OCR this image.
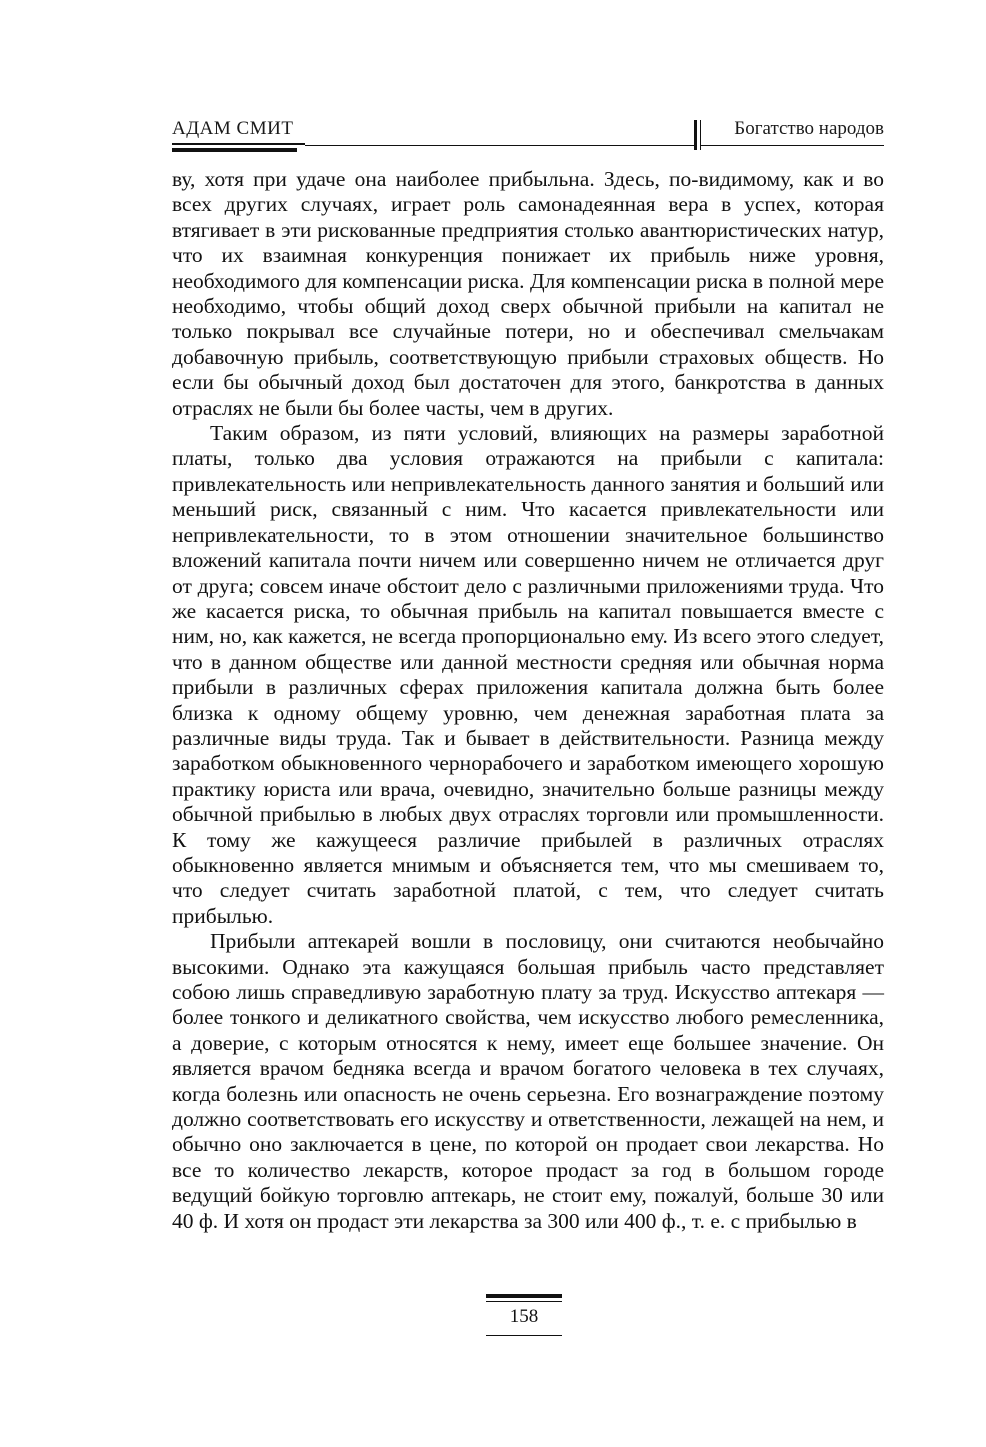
АДАМ СМИТ	Богатство народов

ву, хотя при удаче она наиболее прибыльна. Здесь, по-видимому, как и во всех других случаях, играет роль самонадеянная вера в успех, которая втягивает в эти рискованные предприятия столько авантюристических натур, что их взаимная конкуренция понижает их прибыль ниже уровня, необходимого для компенсации риска. Для компенсации риска в полной мере необходимо, чтобы общий доход сверх обычной прибыли на капитал не только покрывал все случайные потери, но и обеспечивал смельчакам добавочную прибыль, соответствующую прибыли страховых обществ. Но если бы обычный доход был достаточен для этого, банкротства в данных отраслях не были бы более часты, чем в других.

Таким образом, из пяти условий, влияющих на размеры заработной платы, только два условия отражаются на прибыли с капитала: привлекательность или непривлекательность данного занятия и больший или меньший риск, связанный с ним. Что касается привлекательности или непривлекательности, то в этом отношении значительное большинство вложений капитала почти ничем или совершенно ничем не отличается друг от друга; совсем иначе обстоит дело с различными приложениями труда. Что же касается риска, то обычная прибыль на капитал повышается вместе с ним, но, как кажется, не всегда пропорционально ему. Из всего этого следует, что в данном обществе или данной местности средняя или обычная норма прибыли в различных сферах приложения капитала должна быть более близка к одному общему уровню, чем денежная заработная плата за различные виды труда. Так и бывает в действительности. Разница между заработком обыкновенного чернорабочего и заработком имеющего хорошую практику юриста или врача, очевидно, значительно больше разницы между обычной прибылью в любых двух отраслях торговли или промышленности. К тому же кажущееся различие прибылей в различных отраслях обыкновенно является мнимым и объясняется тем, что мы смешиваем то, что следует считать заработной платой, с тем, что следует считать прибылью.

Прибыли аптекарей вошли в пословицу, они считаются необычайно высокими. Однако эта кажущаяся большая прибыль часто представляет собою лишь справедливую заработную плату за труд. Искусство аптекаря — более тонкого и деликатного свойства, чем искусство любого ремесленника, а доверие, с которым относятся к нему, имеет еще большее значение. Он является врачом бедняка всегда и врачом богатого человека в тех случаях, когда болезнь или опасность не очень серьезна. Его вознаграждение поэтому должно соответствовать его искусству и ответственности, лежащей на нем, и обычно оно заключается в цене, по которой он продает свои лекарства. Но все то количество лекарств, которое продаст за год в большом городе ведущий бойкую торговлю аптекарь, не стоит ему, пожалуй, больше 30 или 40 ф. И хотя он продаст эти лекарства за 300 или 400 ф., т. е. с прибылью в

158
